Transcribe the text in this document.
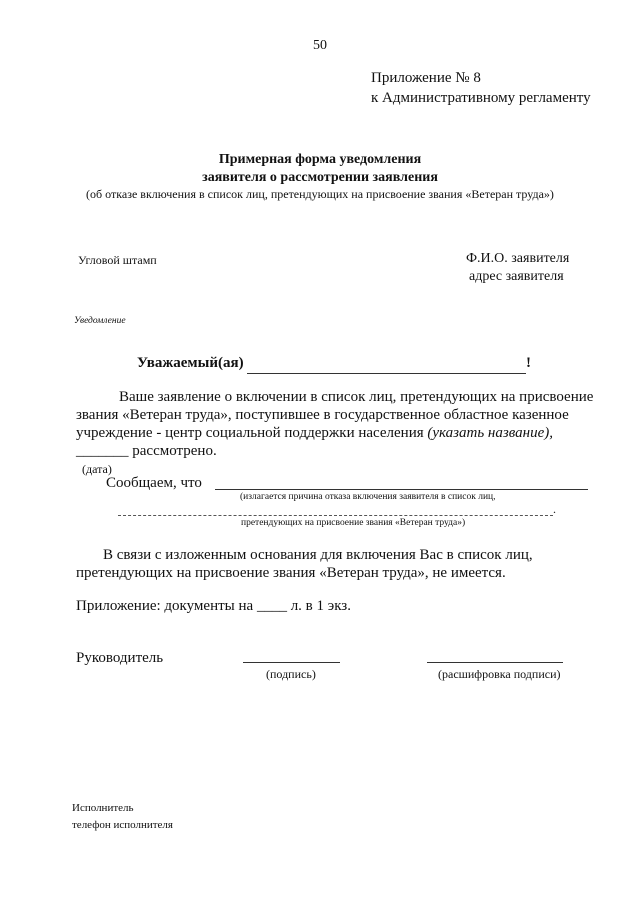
50
Приложение № 8
к Административному регламенту
Примерная форма уведомления
заявителя о рассмотрении заявления
(об отказе включения в список лиц, претендующих на присвоение звания «Ветеран труда»)
Угловой штамп	Ф.И.О. заявителя
адрес заявителя
Уведомление
Уважаемый(ая)	!
Ваше заявление о включении в список лиц, претендующих на присвоение
звания «Ветеран труда», поступившее в государственное областное казенное
учреждение - центр социальной поддержки населения (указать название),
_______ рассмотрено.
(дата)
Сообщаем, что
(излагается причина отказа включения заявителя в список лиц,
.
претендующих на присвоение звания «Ветеран труда»)
В связи с изложенным основания для включения Вас в список лиц,
претендующих на присвоение звания «Ветеран труда», не имеется.
Приложение: документы на ____ л. в 1 экз.
Руководитель
(подпись)	(расшифровка подписи)
Исполнитель
телефон исполнителя
